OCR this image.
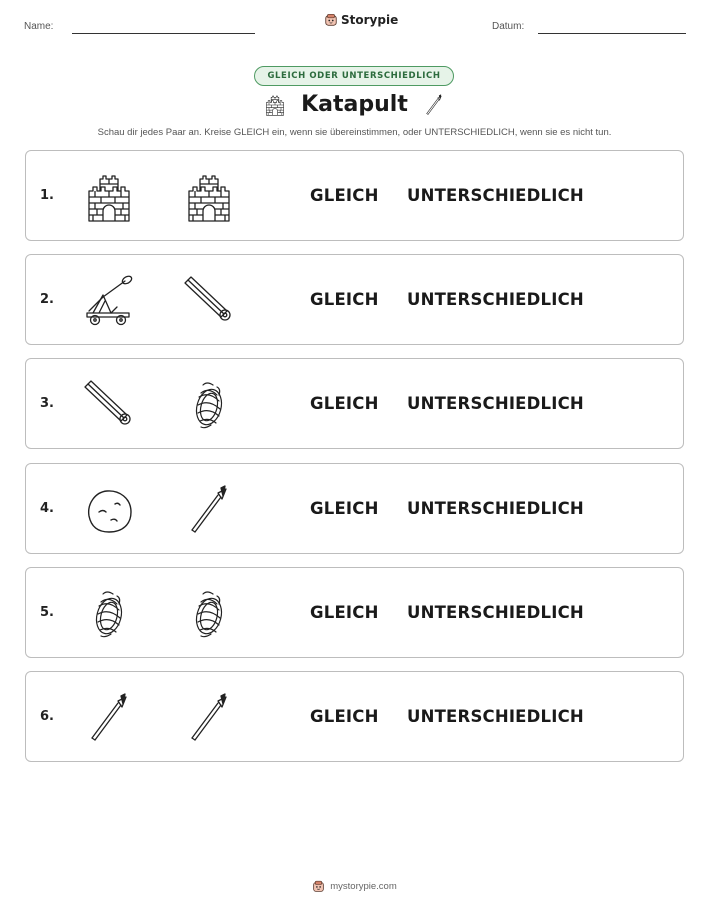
Name:	Storypie	Datum:
GLEICH ODER UNTERSCHIEDLICH
Katapult
Schau dir jedes Paar an. Kreise GLEICH ein, wenn sie übereinstimmen, oder UNTERSCHIEDLICH, wenn sie es nicht tun.
1.	GLEICH UNTERSCHIEDLICH
2.	GLEICH UNTERSCHIEDLICH
3.	GLEICH UNTERSCHIEDLICH
4.	GLEICH UNTERSCHIEDLICH
5.	GLEICH UNTERSCHIEDLICH
6.	GLEICH UNTERSCHIEDLICH
mystorypie.com
